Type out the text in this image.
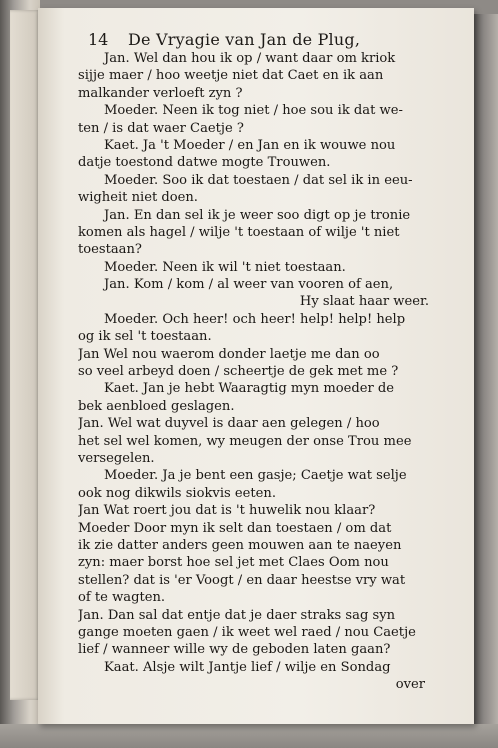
14 De Vryagie van Jan de Plug,
Jan. Wel dan hou ik op / want daar om kriok
sijje maer / hoo weetje niet dat Caet en ik aan
malkander verloeft zyn ?
Moeder. Neen ik tog niet / hoe sou ik dat we-
ten / is dat waer Caetje ?
Kaet. Ja 't Moeder / en Jan en ik wouwe nou
datje toestond datwe mogte Trouwen.
Moeder. Soo ik dat toestaen / dat sel ik in eeu-
wigheit niet doen.
Jan. En dan sel ik je weer soo digt op je tronie
komen als hagel / wilje 't toestaan of wilje 't niet
toestaan?
Moeder. Neen ik wil 't niet toestaan.
Jan. Kom / kom / al weer van vooren of aen,
Hy slaat haar weer.
Moeder. Och heer! och heer! help! help! help
og ik sel 't toestaan.
Jan Wel nou waerom donder laetje me dan oo
so veel arbeyd doen / scheertje de gek met me ?
Kaet. Jan je hebt Waaragtig myn moeder de
bek aenbloed geslagen.
Jan. Wel wat duyvel is daar aen gelegen / hoo
het sel wel komen, wy meugen der onse Trou mee
versegelen.
Moeder. Ja je bent een gasje; Caetje wat selje
ook nog dikwils siokvis eeten.
Jan Wat roert jou dat is 't huwelik nou klaar?
Moeder Door myn ik selt dan toestaen / om dat
ik zie datter anders geen mouwen aan te naeyen
zyn: maer borst hoe sel jet met Claes Oom nou
stellen? dat is 'er Voogt / en daar heestse vry wat
of te wagten.
Jan. Dan sal dat entje dat je daer straks sag syn
gange moeten gaen / ik weet wel raed / nou Caetje
lief / wanneer wille wy de geboden laten gaan?
Kaat. Alsje wilt Jantje lief / wilje en Sondag
over
